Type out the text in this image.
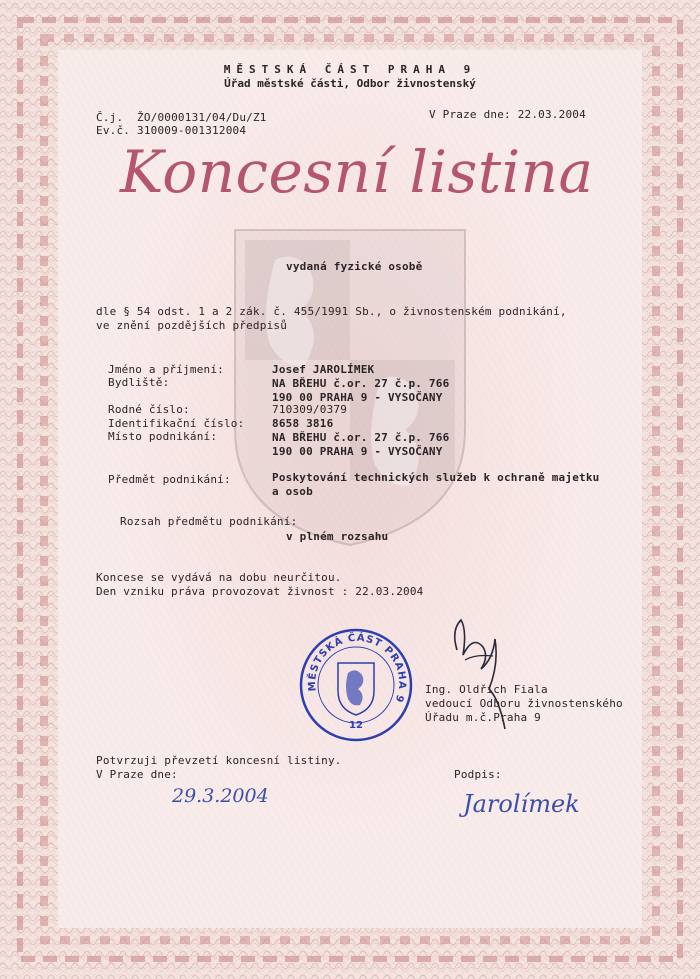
MĚSTSKÁ ČÁST PRAHA 9
Úřad městské části, Odbor živnostenský
Č.j. ŽO/0000131/04/Du/Z1
Ev.č. 310009-001312004
V Praze dne: 22.03.2004
Koncesní listina
vydaná fyzické osobě
dle § 54 odst. 1 a 2 zák. č. 455/1991 Sb., o živnostenském podnikání,
ve znění pozdějších předpisů
Jméno a příjmení:	Josef JAROLÍMEK
Bydliště:	NA BŘEHU č.or. 27 č.p. 766
190 00 PRAHA 9 - VYSOČANY
Rodné číslo:	710309/0379
Identifikační číslo:	8658 3816
Místo podnikání:	NA BŘEHU č.or. 27 č.p. 766
190 00 PRAHA 9 - VYSOČANY
Předmět podnikání:	Poskytování technických služeb k ochraně majetku
a osob
Rozsah předmětu podnikání:
v plném rozsahu
Koncese se vydává na dobu neurčitou.
Den vzniku práva provozovat živnost : 22.03.2004
MĚSTSKÁ ČÁST PRAHA 9
12
Ing. Oldřich Fiala
vedoucí Odboru živnostenského
Úřadu m.č.Praha 9
Potvrzuji převzetí koncesní listiny.
V Praze dne:	Podpis:
29.3.2004	Jarolímek
